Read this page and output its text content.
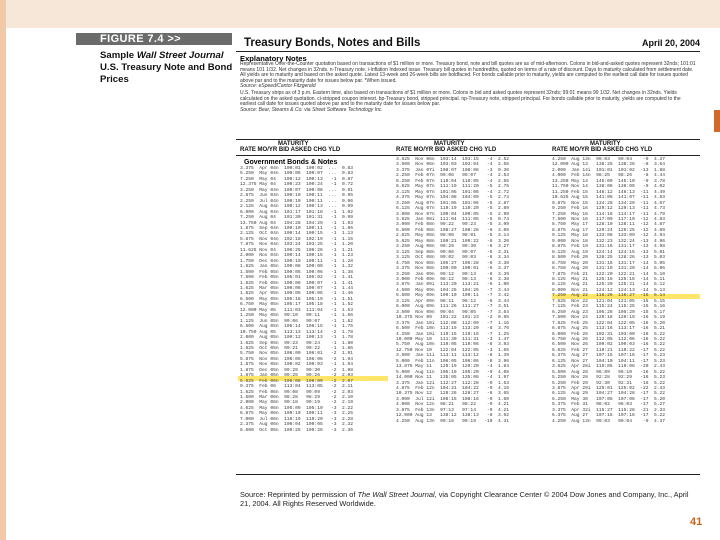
FIGURE 7.4 >>
Sample Wall Street Journal U.S. Treasury Note and Bond Prices
Treasury Bonds, Notes and Bills	April 20, 2004
Explanatory Notes
Representative Over-the-Counter quotation based on transactions of $1 million or more. Treasury bond, note and bill quotes are as of mid-afternoon. Colons in bid-and-asked quotes represent 32nds; 101:01 means 101 1/32. Net changes in 32nds. n-Treasury note. i-Inflation Indexed issue. Treasury bill quotes in hundredths, quoted on terms of a rate of discount. Days to maturity calculated from settlement date. All yields are to maturity and based on the asked quote. Latest 13-week and 26-week bills are boldfaced. For bonds callable prior to maturity, yields are computed to the earliest call date for issues quoted above par and to the maturity date for issues below par. *When issued.
Source: eSpeed/Cantor Fitzgerald
U.S. Treasury strips as of 3 p.m. Eastern time, also based on transactions of $1 million or more. Colons in bid and asked quotes represent 32nds; 99:01 means 99 1/32. Net changes in 32nds. Yields calculated on the asked quotation. ci-stripped coupon interest. bp-Treasury bond, stripped principal. np-Treasury note, stripped principal. For bonds callable prior to maturity, yields are computed to the earliest call date for issues quoted above par and to the maturity date for issues below par.
Source: Bear, Stearns & Co. via Street Software Technology Inc.
MATURITY
RATE MO/YR BID ASKED CHG YLD
MATURITY
RATE MO/YR BID ASKED CHG YLD
MATURITY
RATE MO/YR BID ASKED CHG YLD
3.375  Apr 04n  100:01  100:02  ...  0.83
5.250  May 04n  100:06  100:07  ...  0.83
7.250  May 04   100:12  100:13   -1  0.87
12.375 May 04   100:23  100:24   -1  0.72
3.250  May 04n  100:07  100:08  ...  0.91
2.875  Jun 04n  100:10  100:11  ...  0.95
2.250  Jul 04n  100:10  100:11  ...  0.96
2.125  Aug 04n  100:12  100:13  ...  0.99
6.000  Aug 04n  101:17  101:18   -1  1.02
7.250  Aug 04   101:30  101:31   -1  0.99
13.750 Aug 04   104:28  104:29   -1  1.03
1.875  Sep 04n  100:10  100:11   -1  1.06
2.125  Oct 04n  100:14  100:15   -1  1.13
5.875  Nov 04n  102:18  102:19   -1  1.15
7.875  Nov 04n  103:24  103:25   -1  1.20
11.625 Nov 04   106:25  106:26   -1  1.21
2.000  Nov 04n  100:14  100:15   -1  1.23
1.750  Dec 04n  100:10  100:11   -1  1.28
1.625  Jan 05n  100:08  100:09   -1  1.32
1.500  Feb 05n  100:05  100:06   -1  1.38
7.500  Feb 05n  105:01  105:02   -1  1.41
1.625  Feb 05n  100:06  100:07   -1  1.41
1.625  Mar 05n  100:06  100:07   -1  1.44
1.625  Apr 05n  100:05  100:06   -1  1.46
6.500  May 05n  105:18  105:19   -1  1.51
6.750  May 05n  105:17  105:18   -1  1.52
12.000 May 05   111:03  111:04   -1  1.53
1.250  May 05n  99:10   99:11    -1  1.56
1.125  Jun 05n  99:06   99:07    -1  1.62
6.500  Aug 05n  106:14  106:15   -1  1.75
10.750 Aug 05   113:13  113:14   -2  1.78
2.000  Aug 05n  100:12  100:13   -1  1.78
1.625  Sep 05n  99:23   99:24    -1  1.80
1.625  Oct 05n  99:21   99:22    -1  1.86
5.750  Nov 05n  106:00  106:01   -2  1.91
5.875  Nov 05n  106:05  106:06   -2  1.94
1.875  Nov 05n  100:02  100:03   -1  1.94
1.875  Dec 05n  99:29   99:30    -2  1.98
1.875  Jan 06n  99:25   99:26    -2  2.03
5.625  Feb 06n  106:08  106:09   -2  2.07
9.375  Feb 06   113:04  113:05   -2  2.11
1.625  Feb 06n  99:08   99:09    -2  2.03
1.500  Mar 06n  98:28   98:29    -2  2.10
2.000  May 06n  99:18   99:19    -2  2.19
4.625  May 06n  105:09  105:10   -3  2.22
6.875  May 06n  109:10  109:11   -3  2.25
7.000  Jul 06n  110:19  110:20   -3  2.28
2.375  Aug 06n  100:04  100:05   -3  2.32
6.500  Oct 06n  109:25  109:26   -3  2.36
3.625  Nov 06n  103:14  103:15   -4  2.52
3.500  Nov 06n  103:03  103:04   -4  2.55
3.375  Jan 07i  108:07  108:08   -3  0.36
2.250  Feb 07n  99:06   99:07    -4  2.53
6.250  Feb 07n  110:04  110:05   -4  2.56
6.625  May 07n  111:19  111:20   -5  2.75
3.125  May 07n  101:05  101:06   -4  2.72
4.375  May 07n  104:08  104:09   -5  2.74
3.250  Aug 07n  101:05  101:06   -5  2.87
6.125  Aug 07n  110:19  110:20   -5  2.89
3.000  Nov 07n  100:04  100:05   -5  2.99
3.625  Jan 08i  111:04  111:05   -5  0.74
3.000  Feb 08n  99:22   99:23    -5  3.09
5.500  Feb 08n  108:27  108:28   -6  3.08
2.625  May 08n  98:00   98:01    -5  3.14
5.625  May 08n  109:21  109:22   -6  3.20
3.250  Aug 08n  99:29   99:30    -6  3.27
3.125  Sep 08n  99:06   99:07    -6  3.31
3.125  Oct 08n  99:02   99:03    -6  3.34
4.750  Nov 08n  105:27  105:28   -6  3.38
3.375  Nov 08n  100:00  100:01   -6  3.37
3.250  Jan 09n  99:12   99:13    -6  3.39
3.000  Feb 09n  98:12   98:13    -6  3.38
3.875  Jan 09i  113:20  113:21   -6  1.00
4.500  May 09n  104:25  104:26   -7  3.44
5.500  May 09n  109:10  109:11   -7  3.42
3.125  Apr 09n  98:11   98:12    -6  3.44
6.000  Aug 09n  111:26  111:27   -7  3.51
3.500  Nov 09n  99:04   99:05    -7  3.64
10.375 Nov 09   101:22  101:23   -2  0.95
3.375  Jan 10i  112:08  112:09   -7  1.16
6.500  Feb 10n  113:19  113:20   -8  3.76
4.250  Jan 10i  119:15  119:16   -7  1.25
10.000 May 10   111:30  111:31   -3  1.47
5.750  Aug 10n  110:05  110:06   -8  3.93
12.750 Nov 10   122:04  122:05   -3  1.65
3.500  Jan 11i  113:11  113:12   -8  1.39
5.000  Feb 11n  106:05  106:06   -8  3.96
13.875 May 11   129:19  129:20   -4  1.84
5.000  Aug 11n  105:19  105:20   -9  4.08
14.000 Nov 11   135:05  135:06   -4  1.97
3.375  Jan 12i  112:27  112:28   -9  1.53
4.875  Feb 12n  104:21  104:22   -9  4.16
10.375 Nov 12   128:26  128:27   -6  3.65
3.000  Jul 12i  108:15  108:16   -9  1.60
4.000  Nov 12n  98:21   98:22    -9  4.21
3.875  Feb 13n  97:13   97:14    -9  4.21
12.000 Aug 13   138:12  138:13   -8  3.92
4.250  Aug 13n  99:18   99:19   -10  4.31
4.250  Aug 13n  99:03   99:04    -9  4.37
12.000 Aug 13   138:25  138:26   -8  3.64
2.000  Jan 14i  101:01  101:02  -13  1.88
4.000  Feb 14n  98:25   98:26    -8  4.44
13.250 May 14   145:09  145:10   -9  3.78
11.750 Nov 14   138:08  138:09   -9  4.02
11.250 Feb 15   146:12  146:13  -11  4.49
10.625 Aug 15   141:06  141:07  -11  4.63
9.875  Nov 15   134:28  134:29  -11  4.67
9.250  Feb 16   129:12  129:13  -11  4.73
7.250  May 16   114:16  114:17  -11  4.79
7.500  Nov 16   117:09  117:10  -12  4.83
8.750  May 17   128:10  128:11  -12  4.87
8.875  Aug 17   129:24  129:25  -12  4.89
9.125  May 18   133:08  133:09  -12  4.94
9.000  Nov 18   132:23  132:24  -13  4.96
8.875  Feb 19   131:16  131:17  -13  4.98
8.125  Aug 19   124:14  124:15  -13  5.01
8.500  Feb 20   128:25  128:26  -13  5.03
8.750  May 20   131:16  131:17  -14  5.05
8.750  Aug 20   131:19  131:20  -14  5.06
7.875  Feb 21   122:20  122:21  -14  5.10
8.125  May 21   125:15  125:16  -14  5.11
8.125  Aug 21   125:20  125:21  -14  5.12
8.000  Nov 21   124:12  124:13  -14  5.13
7.250  Aug 22   116:26  116:27  -15  5.14
7.625  Nov 22   121:04  121:05  -15  5.15
7.125  Feb 23   115:24  115:25  -15  5.16
6.250  Aug 23   105:28  105:29  -15  5.17
7.500  Nov 24   120:18  120:19  -16  5.19
7.625  Feb 25   122:04  122:05  -16  5.20
6.875  Aug 25   113:16  113:17  -16  5.21
6.000  Feb 26   102:31  103:00  -16  5.22
6.750  Aug 26   112:05  112:06  -16  5.22
6.500  Nov 26   109:02  109:03  -16  5.22
6.625  Feb 27   110:21  110:22  -17  5.22
6.375  Aug 27   107:15  107:16  -17  5.23
6.125  Nov 27   104:10  104:11  -17  5.23
3.625  Apr 28i  119:05  119:06  -20  2.43
5.500  Aug 28   96:09   96:10   -16  5.22
5.250  Nov 28   92:28   92:29   -16  5.23
5.250  Feb 29   92:30   92:31   -16  5.22
3.875  Apr 29i  125:01  125:02  -22  2.43
6.125  Aug 29   104:27  104:28  -17  5.22
6.250  May 30   107:05  107:06  -17  5.20
5.375  Feb 31   96:02   96:03   -17  5.27
3.375  Apr 32i  115:27  115:28  -21  2.33
6.375  Aug 27   107:15  107:16  -17  5.22
4.250  Aug 13n  99:03   99:04    -9  4.37
Government Bonds & Notes
Source: Reprinted by permission of The Wall Street Journal, via Copyright Clearance Center © 2004 Dow Jones and Company, Inc., April 21, 2004. All Rights Reserved Worldwide.
41
